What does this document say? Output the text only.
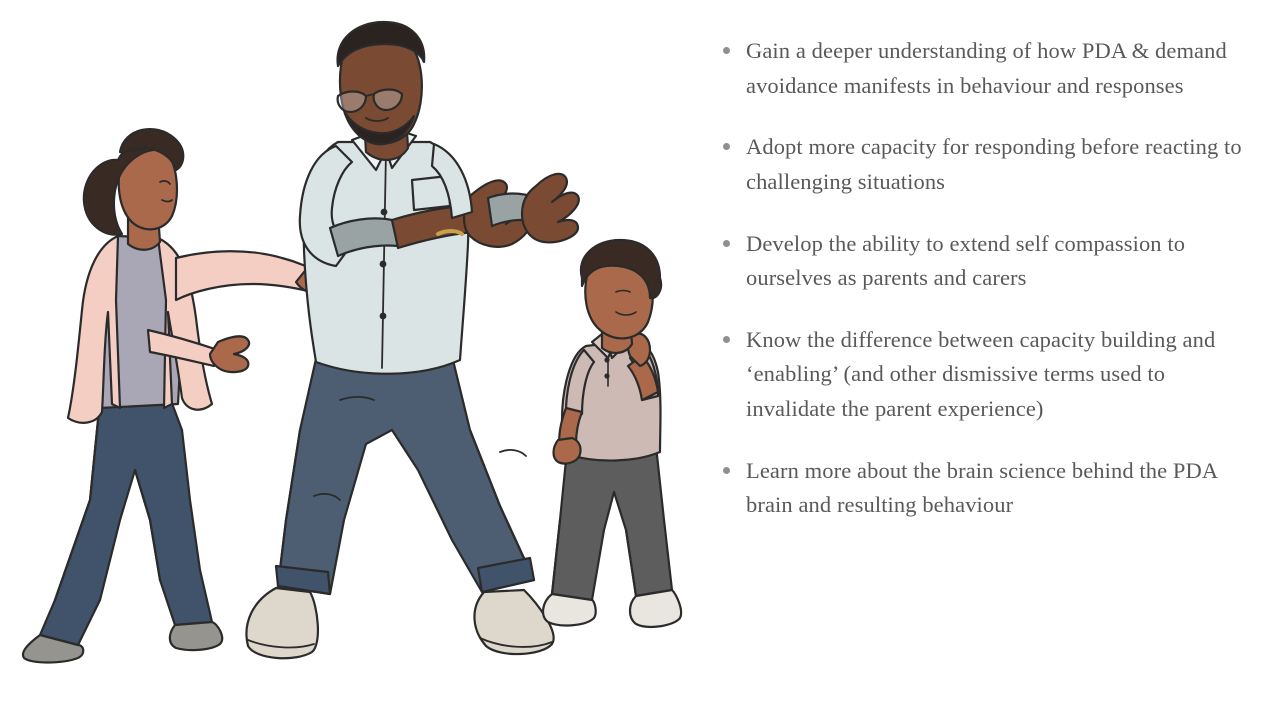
Gain a deeper understanding of how PDA & demand avoidance manifests in behaviour and responses
Adopt more capacity for responding before reacting to challenging situations
Develop the ability to extend self compassion to ourselves as parents and carers
Know the difference between capacity building and ‘enabling’ (and other dismissive terms used to invalidate the parent experience)
Learn more about the brain science behind the PDA brain and resulting behaviour
